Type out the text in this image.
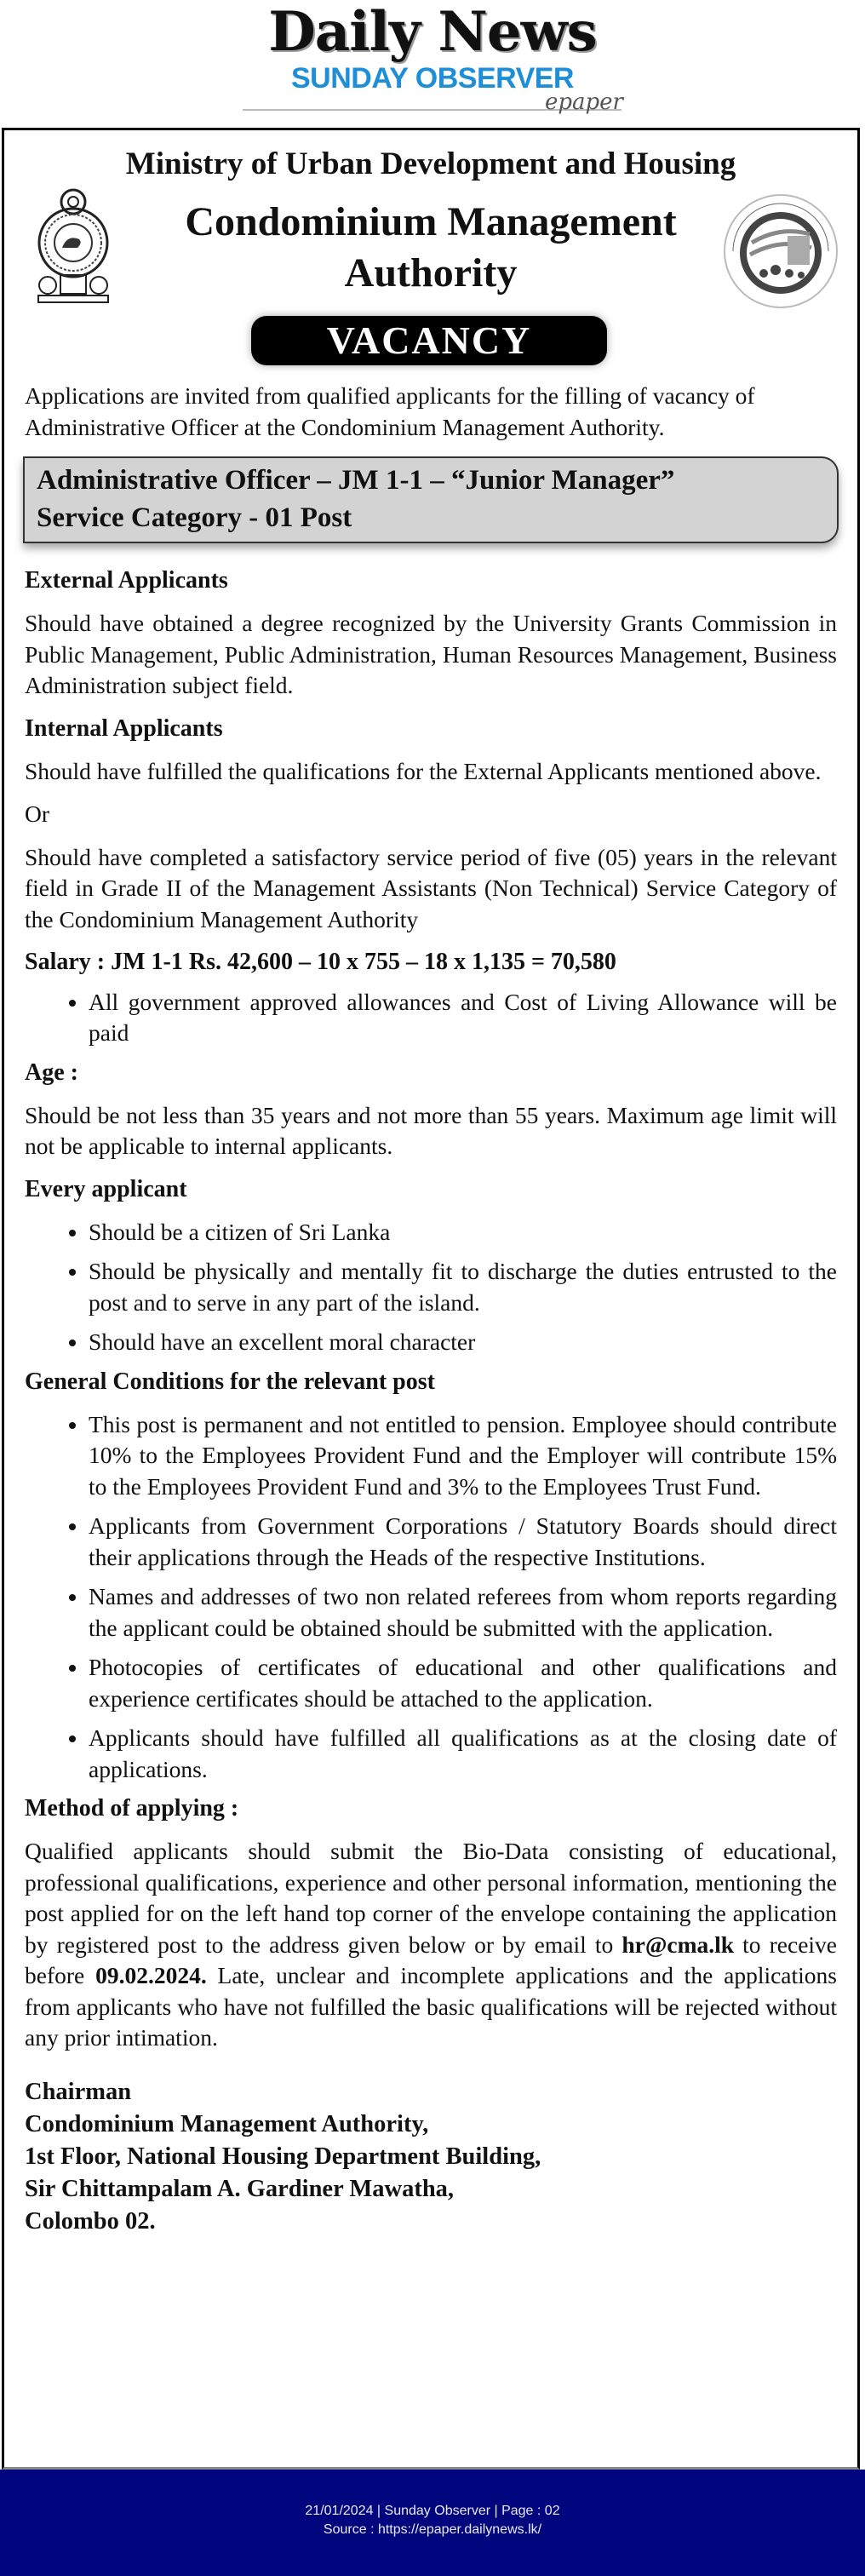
Daily News
SUNDAY OBSERVER
epaper
Ministry of Urban Development and Housing
Condominium Management Authority
VACANCY

Applications are invited from qualified applicants for the filling of vacancy of Administrative Officer at the Condominium Management Authority.

Administrative Officer – JM 1-1 – “Junior Manager”
Service Category - 01 Post
External Applicants

Should have obtained a degree recognized by the University Grants Commission in Public Management, Public Administration, Human Resources Management, Business Administration subject field.

Internal Applicants

Should have fulfilled the qualifications for the External Applicants mentioned above.

Or

Should have completed a satisfactory service period of five (05) years in the relevant field in Grade II of the Management Assistants (Non Technical) Service Category of the Condominium Management Authority

Salary : JM 1-1 Rs. 42,600 – 10 x 755 – 18 x 1,135 = 70,580
• All government approved allowances and Cost of Living Allowance will be paid
Age :

Should be not less than 35 years and not more than 55 years. Maximum age limit will not be applicable to internal applicants.

Every applicant
• Should be a citizen of Sri Lanka
• Should be physically and mentally fit to discharge the duties entrusted to the post and to serve in any part of the island.
• Should have an excellent moral character
General Conditions for the relevant post
• This post is permanent and not entitled to pension. Employee should contribute 10% to the Employees Provident Fund and the Employer will contribute 15% to the Employees Provident Fund and 3% to the Employees Trust Fund.
• Applicants from Government Corporations / Statutory Boards should direct their applications through the Heads of the respective Institutions.
• Names and addresses of two non related referees from whom reports regarding the applicant could be obtained should be submitted with the application.
• Photocopies of certificates of educational and other qualifications and experience certificates should be attached to the application.
• Applicants should have fulfilled all qualifications as at the closing date of applications.
Method of applying :

Qualified applicants should submit the Bio-Data consisting of educational, professional qualifications, experience and other personal information, mentioning the post applied for on the left hand top corner of the envelope containing the application by registered post to the address given below or by email to hr@cma.lk to receive before 09.02.2024. Late, unclear and incomplete applications and the applications from applicants who have not fulfilled the basic qualifications will be rejected without any prior intimation.

Chairman
Condominium Management Authority,
1st Floor, National Housing Department Building,
Sir Chittampalam A. Gardiner Mawatha,
Colombo 02.
21/01/2024 | Sunday Observer | Page : 02
Source : https://epaper.dailynews.lk/
